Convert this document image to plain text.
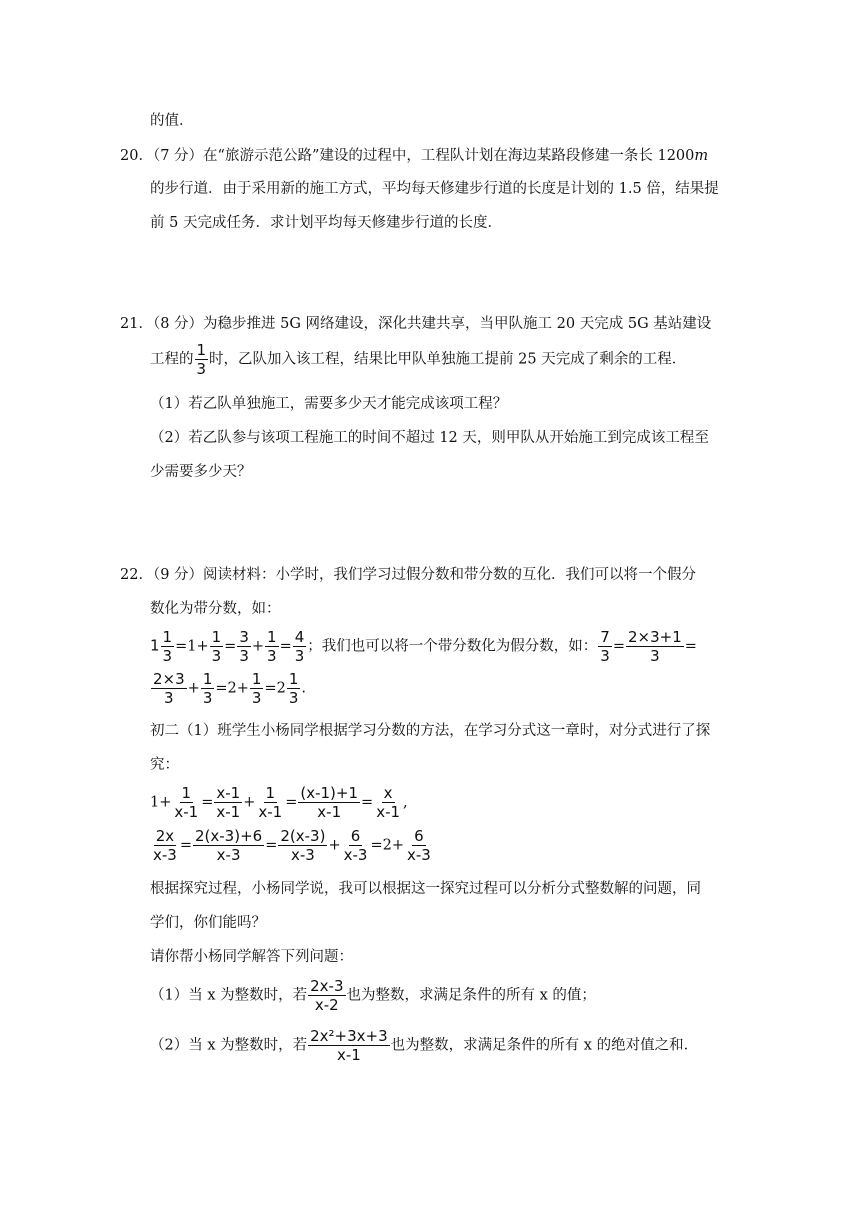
的值．
20．（7 分）在“旅游示范公路”建设的过程中，工程队计划在海边某路段修建一条长 1200m
的步行道．由于采用新的施工方式，平均每天修建步行道的长度是计划的 1.5 倍，结果提
前 5 天完成任务．求计划平均每天修建步行道的长度．
21．（8 分）为稳步推进 5G 网络建设，深化共建共享，当甲队施工 20 天完成 5G 基站建设
工程的 $\frac{1}{3}$ 时，乙队加入该工程，结果比甲队单独施工提前 25 天完成了剩余的工程．
（1）若乙队单独施工，需要多少天才能完成该项工程？
（2）若乙队参与该项工程施工的时间不超过 12 天，则甲队从开始施工到完成该工程至
少需要多少天？
22．（9 分）阅读材料：小学时，我们学习过假分数和带分数的互化．我们可以将一个假分
数化为带分数，如：
$1 \frac{1}{3} =1+ \frac{1}{3} = \frac{3}{3} + \frac{1}{3} = \frac{4}{3}$ ；我们也可以将一个带分数化为假分数，如： $\frac{7}{3} = \frac{2\times 3+1}{3}$ =
$\frac{2\times 3}{3} + \frac{1}{3} =2+ \frac{1}{3} =2 \frac{1}{3}$ .
初二（1）班学生小杨同学根据学习分数的方法，在学习分式这一章时，对分式进行了探
究：
$1+ \frac{1}{x-1} = \frac{x-1}{x-1} + \frac{1}{x-1} = \frac{(x-1)+1}{x-1} = \frac{x}{x-1}$ ,
$\frac{2x}{x-3} = \frac{2(x-3)+6}{x-3} = \frac{2(x-3)}{x-3} + \frac{6}{x-3} =2+ \frac{6}{x-3}$
根据探究过程，小杨同学说，我可以根据这一探究过程可以分析分式整数解的问题，同
学们，你们能吗？
请你帮小杨同学解答下列问题：
（1）当 x 为整数时，若 $\frac{2x-3}{x-2}$ 也为整数，求满足条件的所有 x 的值；
（2）当 x 为整数时，若 $\frac{\text{2x²+3x+3}}{x-1}$ 也为整数，求满足条件的所有 x 的绝对值之和．
